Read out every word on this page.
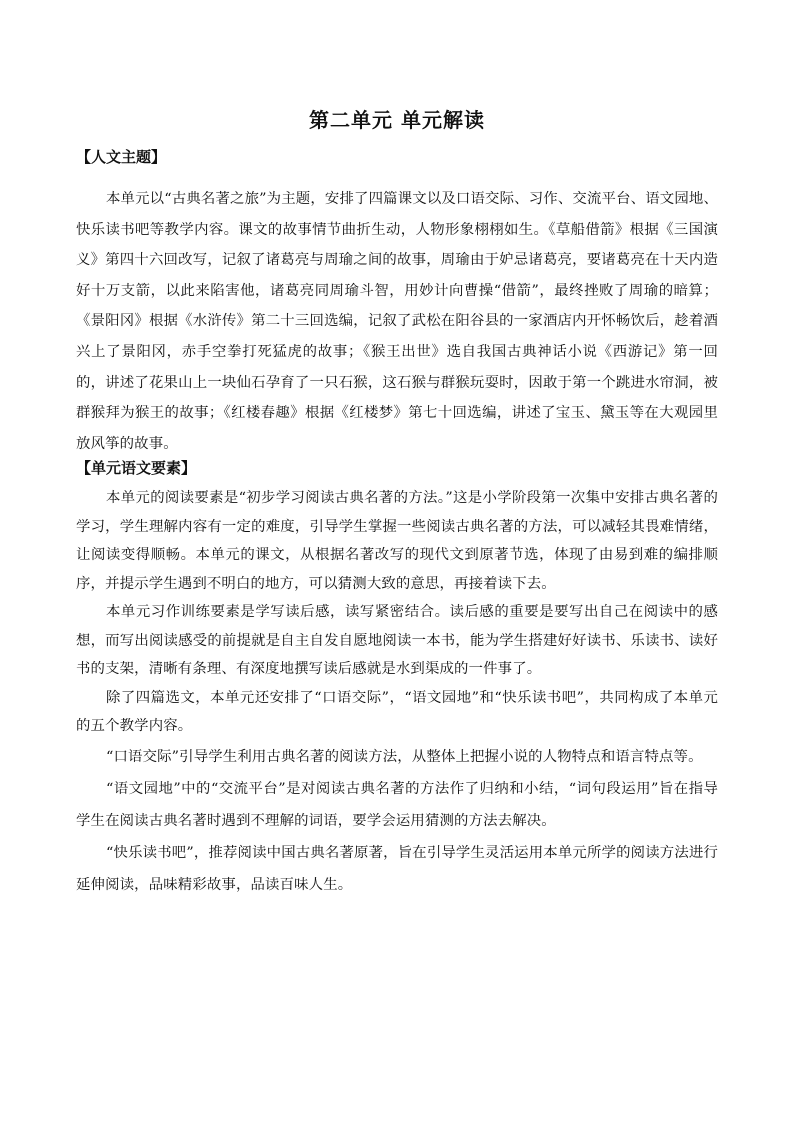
第二单元 单元解读
【人文主题】

本单元以“古典名著之旅”为主题，安排了四篇课文以及口语交际、习作、交流平台、语文园地、快乐读书吧等教学内容。课文的故事情节曲折生动，人物形象栩栩如生。《草船借箭》根据《三国演义》第四十六回改写，记叙了诸葛亮与周瑜之间的故事，周瑜由于妒忌诸葛亮，要诸葛亮在十天内造好十万支箭，以此来陷害他，诸葛亮同周瑜斗智，用妙计向曹操“借箭”，最终挫败了周瑜的暗算；《景阳冈》根据《水浒传》第二十三回选编，记叙了武松在阳谷县的一家酒店内开怀畅饮后，趁着酒兴上了景阳冈，赤手空拳打死猛虎的故事；《猴王出世》选自我国古典神话小说《西游记》第一回的，讲述了花果山上一块仙石孕育了一只石猴，这石猴与群猴玩耍时，因敢于第一个跳进水帘洞，被群猴拜为猴王的故事；《红楼春趣》根据《红楼梦》第七十回选编，讲述了宝玉、黛玉等在大观园里放风筝的故事。

【单元语文要素】

本单元的阅读要素是“初步学习阅读古典名著的方法。”这是小学阶段第一次集中安排古典名著的学习，学生理解内容有一定的难度，引导学生掌握一些阅读古典名著的方法，可以减轻其畏难情绪，让阅读变得顺畅。本单元的课文，从根据名著改写的现代文到原著节选，体现了由易到难的编排顺序，并提示学生遇到不明白的地方，可以猜测大致的意思，再接着读下去。

本单元习作训练要素是学写读后感，读写紧密结合。读后感的重要是要写出自己在阅读中的感想，而写出阅读感受的前提就是自主自发自愿地阅读一本书，能为学生搭建好好读书、乐读书、读好书的支架，清晰有条理、有深度地撰写读后感就是水到渠成的一件事了。

除了四篇选文，本单元还安排了“口语交际”，“语文园地”和“快乐读书吧”，共同构成了本单元的五个教学内容。

“口语交际”引导学生利用古典名著的阅读方法，从整体上把握小说的人物特点和语言特点等。

“语文园地”中的“交流平台”是对阅读古典名著的方法作了归纳和小结，“词句段运用”旨在指导学生在阅读古典名著时遇到不理解的词语，要学会运用猜测的方法去解决。

“快乐读书吧”，推荐阅读中国古典名著原著，旨在引导学生灵活运用本单元所学的阅读方法进行延伸阅读，品味精彩故事，品读百味人生。
